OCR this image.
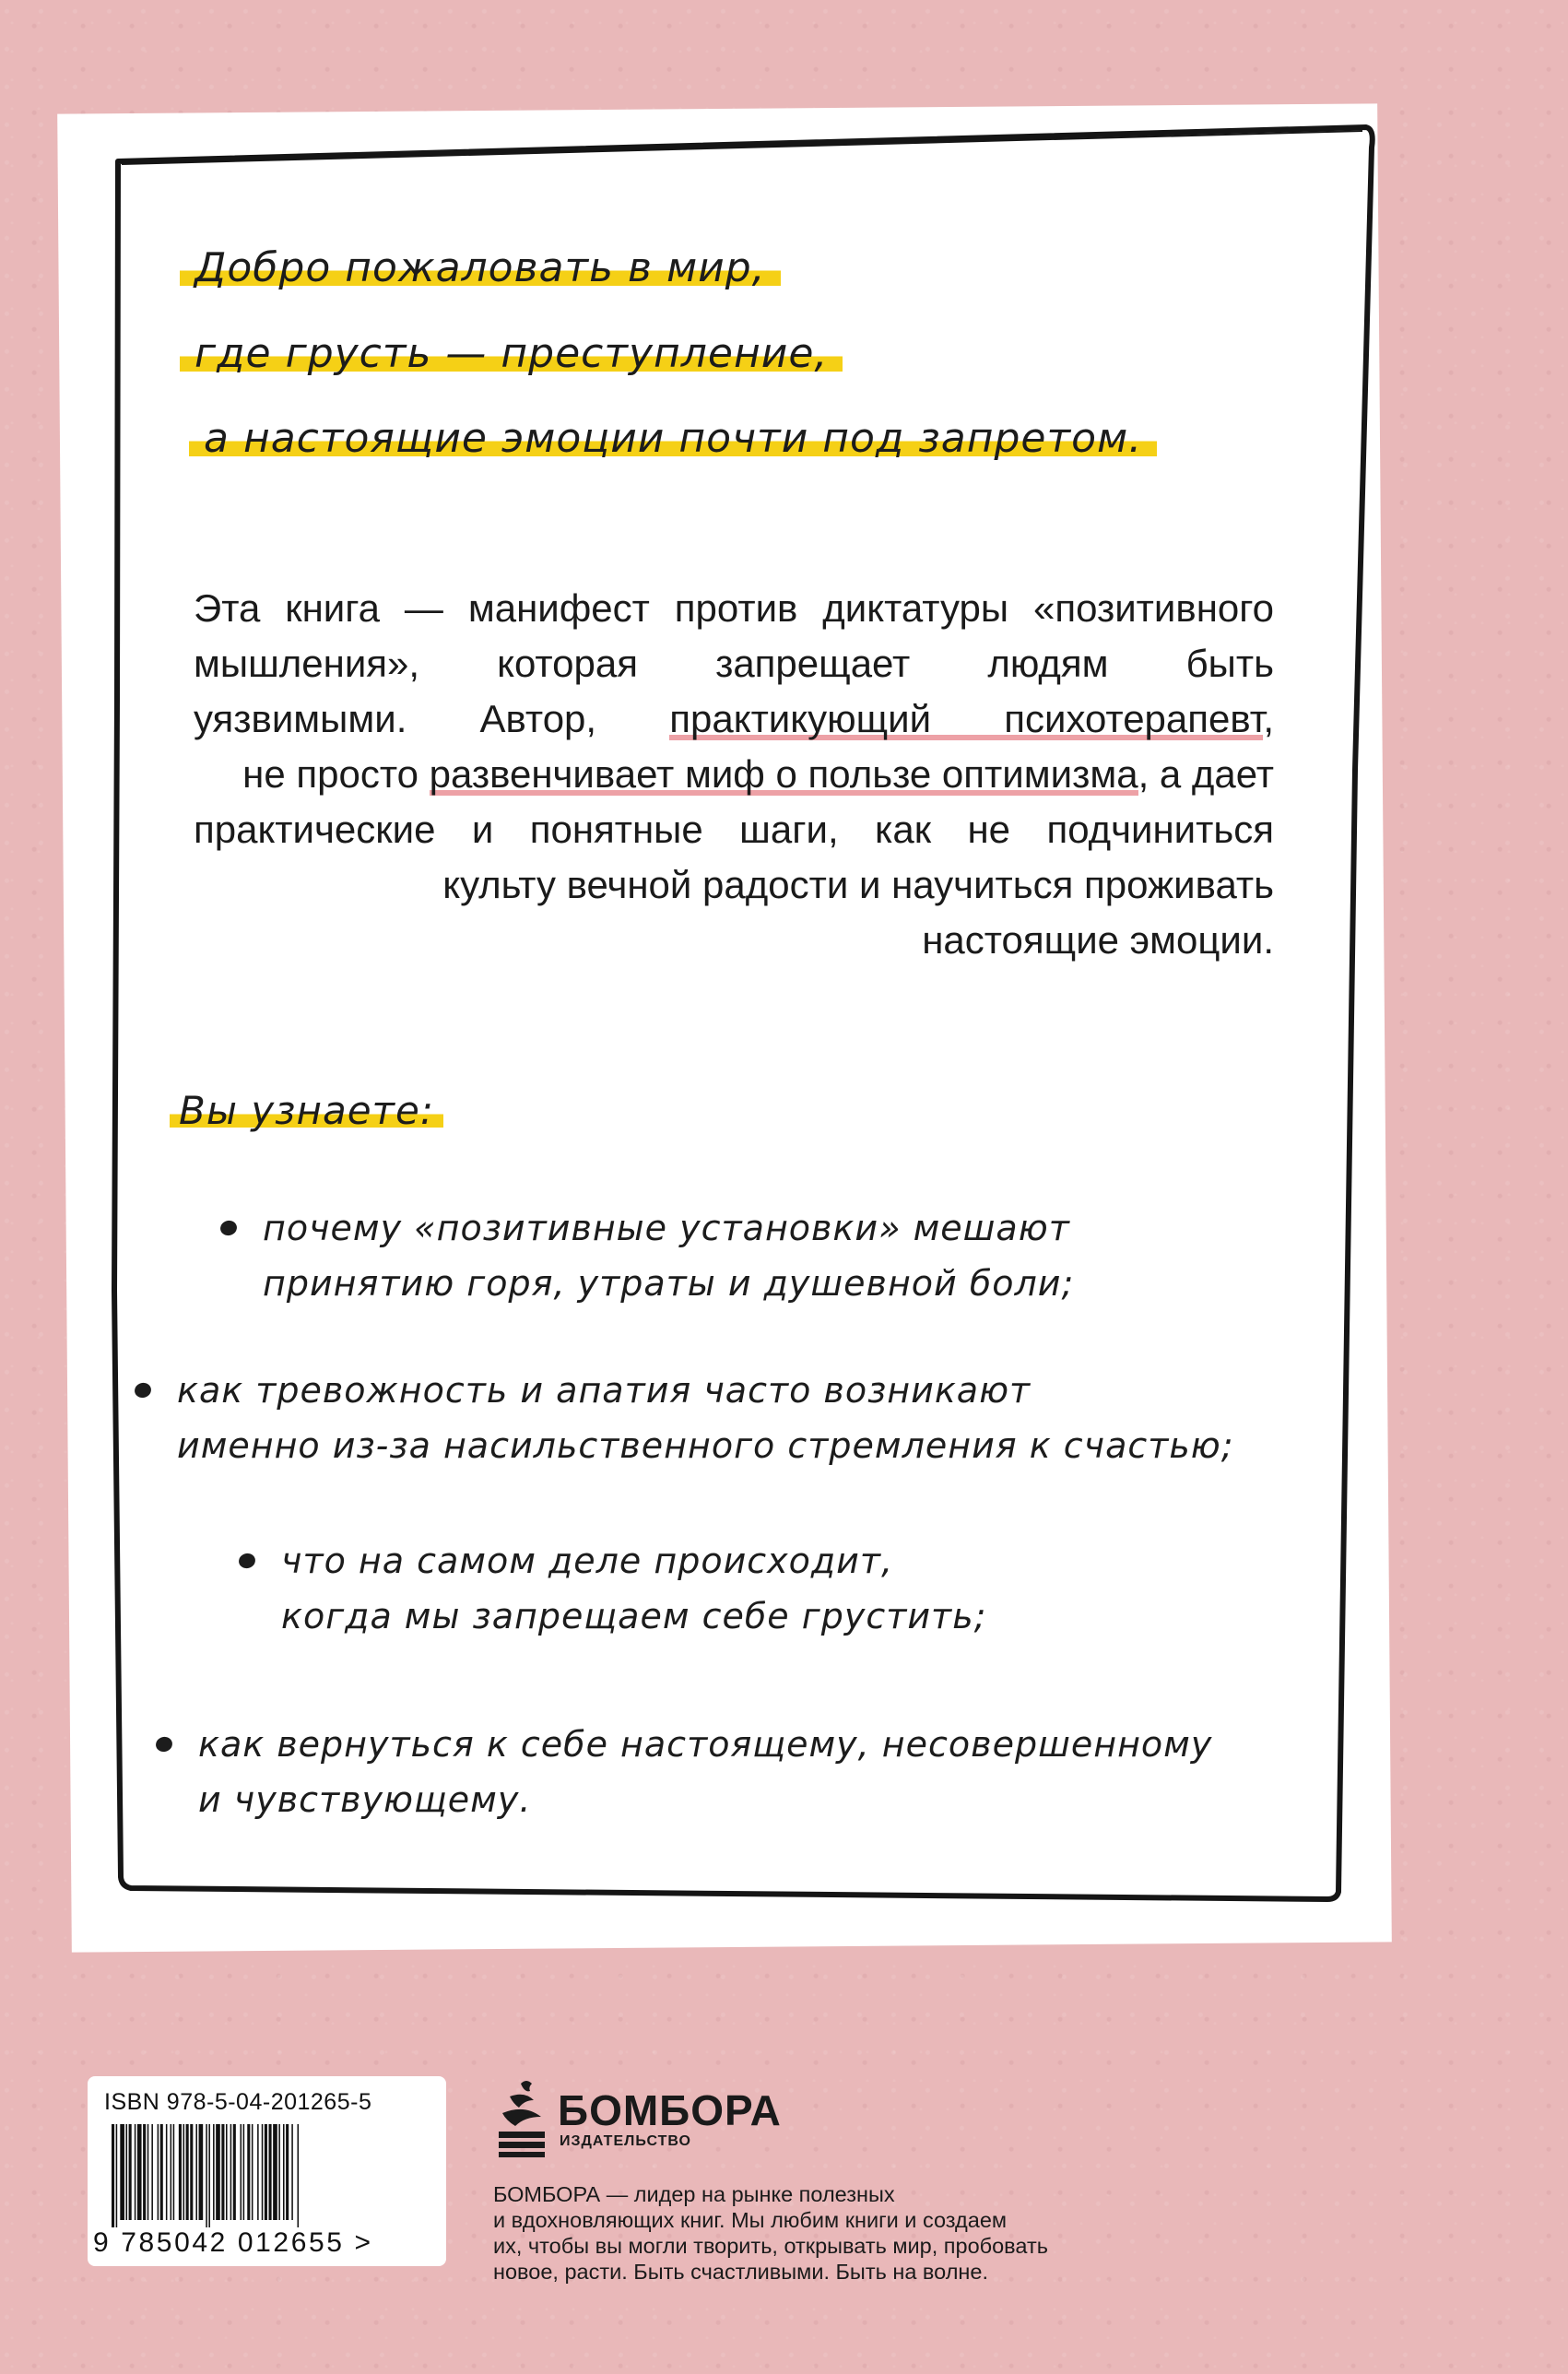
Добро пожаловать в мир,
где грусть — преступление,
а настоящие эмоции почти под запретом.
Эта книга — манифест против диктатуры «позитивного
мышления», которая запрещает людям быть
уязвимыми. Автор, практикующий психотерапевт,
не просто развенчивает миф о пользе оптимизма, а дает
практические и понятные шаги, как не подчиниться
культу вечной радости и научиться проживать
настоящие эмоции.
Вы узнаете:
почему «позитивные установки» мешают
принятию горя, утраты и душевной боли;
как тревожность и апатия часто возникают
именно из-за насильственного стремления к счастью;
что на самом деле происходит,
когда мы запрещаем себе грустить;
как вернуться к себе настоящему, несовершенному
и чувствующему.
ISBN 978-5-04-201265-5
9 785042 012655 >
БОМБОРА
ИЗДАТЕЛЬСТВО
БОМБОРА — лидер на рынке полезных
и вдохновляющих книг. Мы любим книги и создаем
их, чтобы вы могли творить, открывать мир, пробовать
новое, расти. Быть счастливыми. Быть на волне.
